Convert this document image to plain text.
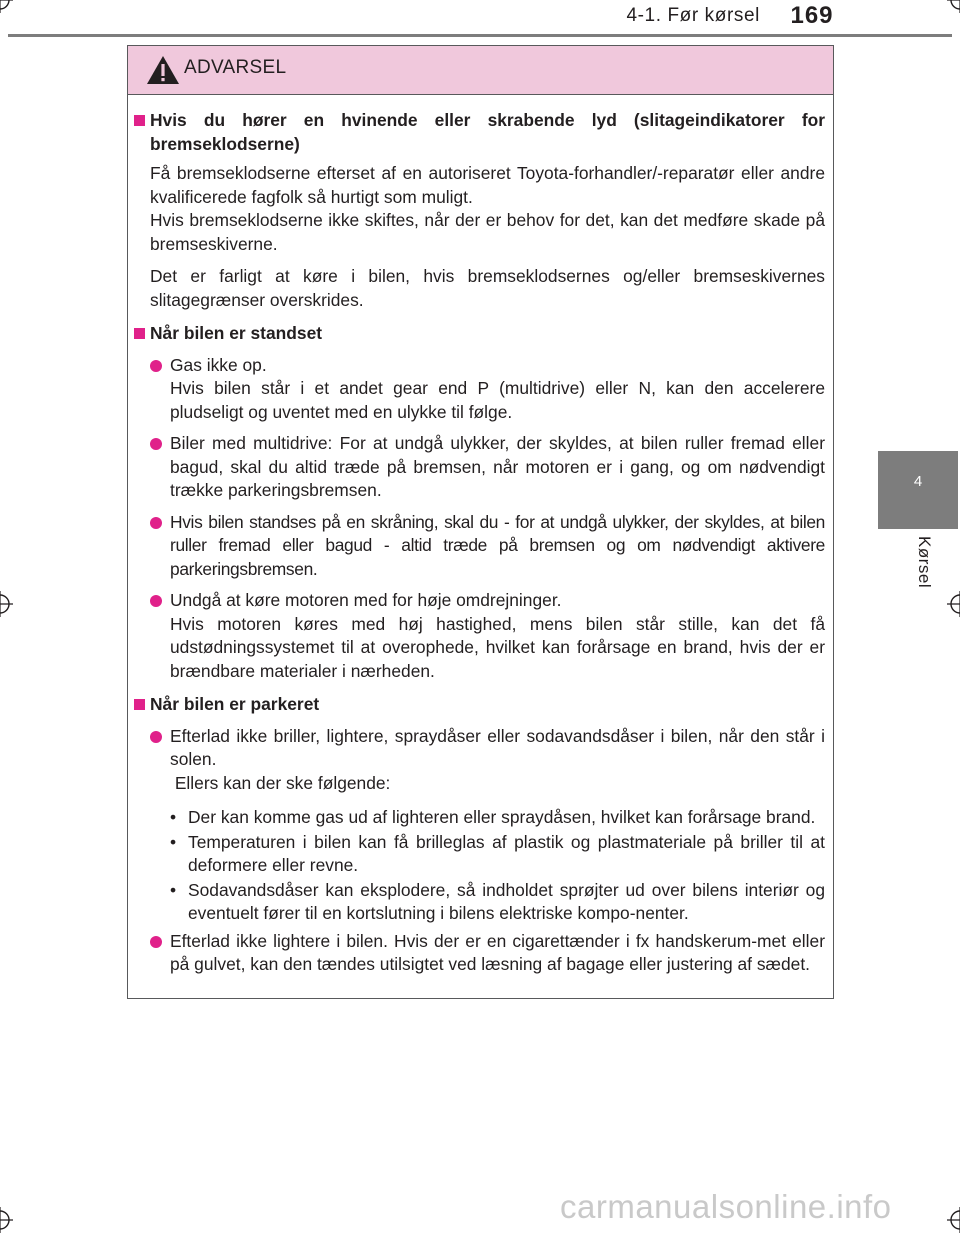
4-1. Før kørsel	169
4
Kørsel
ADVARSEL
Hvis du hører en hvinende eller skrabende lyd (slitageindikatorer for bremseklodserne)

Få bremseklodserne efterset af en autoriseret Toyota-forhandler/-reparatør eller andre kvalificerede fagfolk så hurtigt som muligt.
Hvis bremseklodserne ikke skiftes, når der er behov for det, kan det medføre skade på bremseskiverne.

Det er farligt at køre i bilen, hvis bremseklodsernes og/eller bremseskivernes slitagegrænser overskrides.

Når bilen er standset

Gas ikke op.
Hvis bilen står i et andet gear end P (multidrive) eller N, kan den accelerere pludseligt og uventet med en ulykke til følge.

Biler med multidrive: For at undgå ulykker, der skyldes, at bilen ruller fremad eller bagud, skal du altid træde på bremsen, når motoren er i gang, og om nødvendigt trække parkeringsbremsen.

Hvis bilen standses på en skråning, skal du - for at undgå ulykker, der skyldes, at bilen ruller fremad eller bagud - altid træde på bremsen og om nødvendigt aktivere parkeringsbremsen.

Undgå at køre motoren med for høje omdrejninger.
Hvis motoren køres med høj hastighed, mens bilen står stille, kan det få udstødningssystemet til at overophede, hvilket kan forårsage en brand, hvis der er brændbare materialer i nærheden.

Når bilen er parkeret

Efterlad ikke briller, lightere, spraydåser eller sodavandsdåser i bilen, når den står i solen.
Ellers kan der ske følgende:

• Der kan komme gas ud af lighteren eller spraydåsen, hvilket kan forårsage brand.
• Temperaturen i bilen kan få brilleglas af plastik og plastmateriale på briller til at deformere eller revne.
• Sodavandsdåser kan eksplodere, så indholdet sprøjter ud over bilens interiør og eventuelt fører til en kortslutning i bilens elektriske kompo-nenter.

Efterlad ikke lightere i bilen. Hvis der er en cigarettænder i fx handskerum-met eller på gulvet, kan den tændes utilsigtet ved læsning af bagage eller justering af sædet.

carmanualsonline.info
